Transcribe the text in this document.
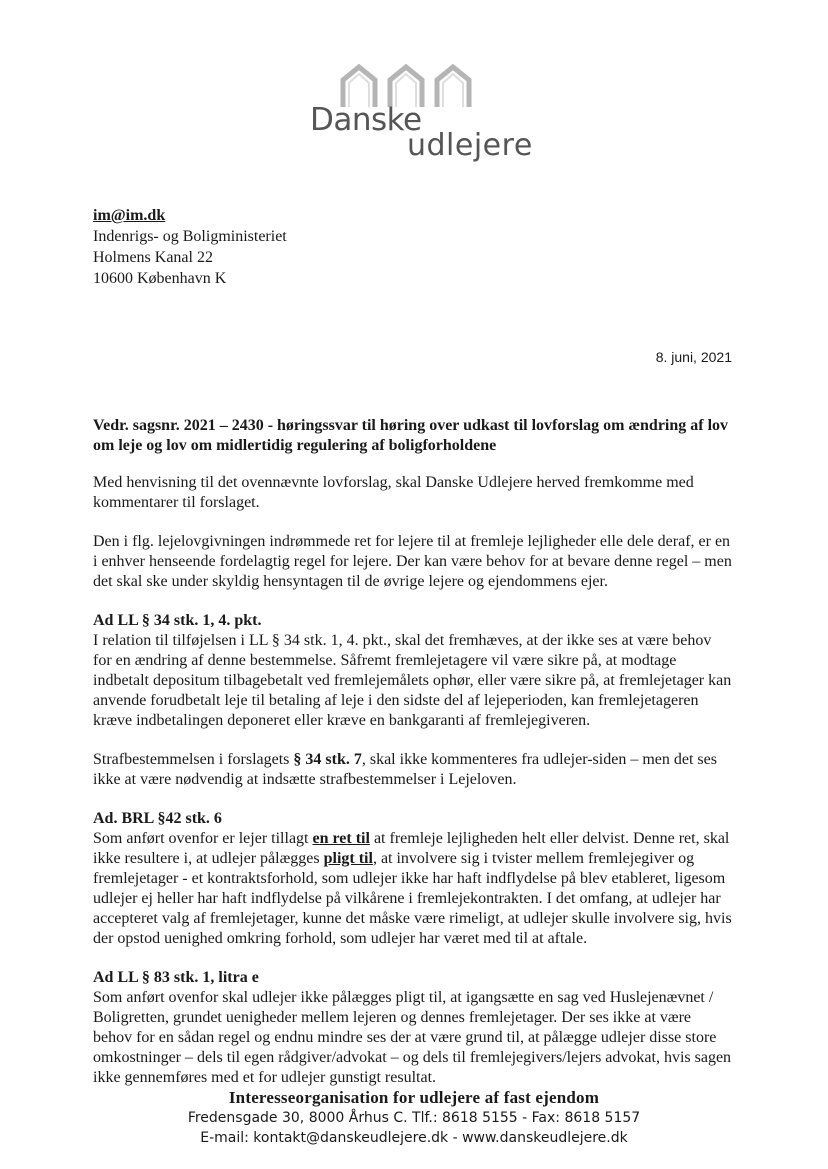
Danske
udlejere
im@im.dk
Indenrigs- og Boligministeriet
Holmens Kanal 22
10600 København K
8. juni, 2021

Vedr. sagsnr. 2021 – 2430 - høringssvar til høring over udkast til lovforslag om ændring af lov om leje og lov om midlertidig regulering af boligforholdene

Med henvisning til det ovennævnte lovforslag, skal Danske Udlejere herved fremkomme med kommentarer til forslaget.

Den i flg. lejelovgivningen indrømmede ret for lejere til at fremleje lejligheder elle dele deraf, er en i enhver henseende fordelagtig regel for lejere. Der kan være behov for at bevare denne regel – men det skal ske under skyldig hensyntagen til de øvrige lejere og ejendommens ejer.

Ad LL § 34 stk. 1, 4. pkt.

I relation til tilføjelsen i LL § 34 stk. 1, 4. pkt., skal det fremhæves, at der ikke ses at være behov for en ændring af denne bestemmelse. Såfremt fremlejetagere vil være sikre på, at modtage indbetalt depositum tilbagebetalt ved fremlejemålets ophør, eller være sikre på, at fremlejetager kan anvende forudbetalt leje til betaling af leje i den sidste del af lejeperioden, kan fremlejetageren kræve indbetalingen deponeret eller kræve en bankgaranti af fremlejegiveren.

Strafbestemmelsen i forslagets § 34 stk. 7, skal ikke kommenteres fra udlejer-siden – men det ses ikke at være nødvendig at indsætte strafbestemmelser i Lejeloven.

Ad. BRL §42 stk. 6

Som anført ovenfor er lejer tillagt en ret til at fremleje lejligheden helt eller delvist. Denne ret, skal ikke resultere i, at udlejer pålægges pligt til, at involvere sig i tvister mellem fremlejegiver og fremlejetager - et kontraktsforhold, som udlejer ikke har haft indflydelse på blev etableret, ligesom udlejer ej heller har haft indflydelse på vilkårene i fremlejekontrakten. I det omfang, at udlejer har accepteret valg af fremlejetager, kunne det måske være rimeligt, at udlejer skulle involvere sig, hvis der opstod uenighed omkring forhold, som udlejer har været med til at aftale.

Ad LL § 83 stk. 1, litra e

Som anført ovenfor skal udlejer ikke pålægges pligt til, at igangsætte en sag ved Huslejenævnet / Boligretten, grundet uenigheder mellem lejeren og dennes fremlejetager. Der ses ikke at være behov for en sådan regel og endnu mindre ses der at være grund til, at pålægge udlejer disse store omkostninger – dels til egen rådgiver/advokat – og dels til fremlejegivers/lejers advokat, hvis sagen ikke gennemføres med et for udlejer gunstigt resultat.

Interesseorganisation for udlejere af fast ejendom
Fredensgade 30, 8000 Århus C. Tlf.: 8618 5155 - Fax: 8618 5157
E-mail: kontakt@danskeudlejere.dk - www.danskeudlejere.dk
